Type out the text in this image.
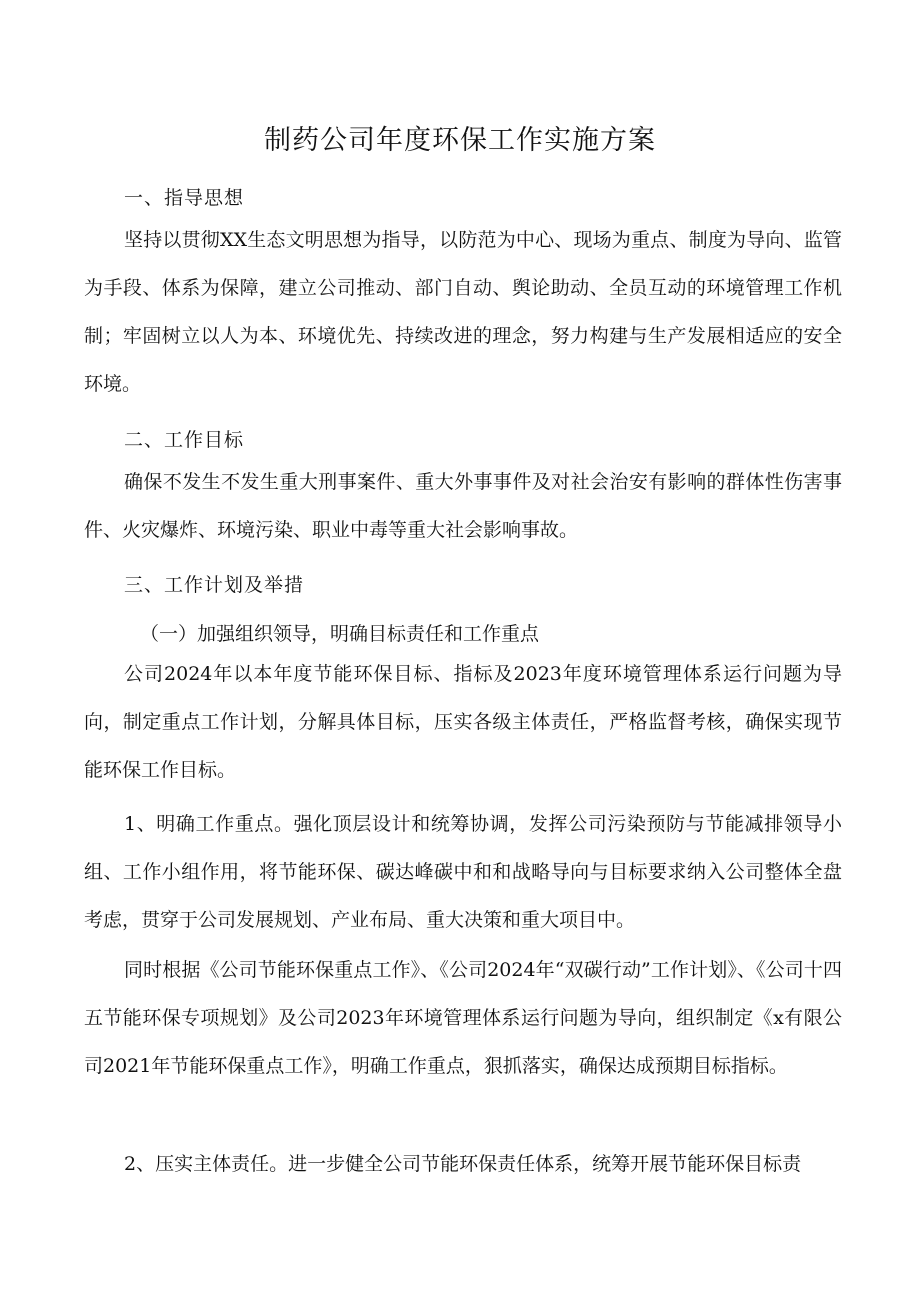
制药公司年度环保工作实施方案
一、指导思想

坚持以贯彻XX生态文明思想为指导，以防范为中心、现场为重点、制度为导向、监管为手段、体系为保障，建立公司推动、部门自动、舆论助动、全员互动的环境管理工作机制；牢固树立以人为本、环境优先、持续改进的理念，努力构建与生产发展相适应的安全环境。

二、工作目标

确保不发生不发生重大刑事案件、重大外事事件及对社会治安有影响的群体性伤害事件、火灾爆炸、环境污染、职业中毒等重大社会影响事故。

三、工作计划及举措
（一）加强组织领导，明确目标责任和工作重点

公司2024年以本年度节能环保目标、指标及2023年度环境管理体系运行问题为导向，制定重点工作计划，分解具体目标，压实各级主体责任，严格监督考核，确保实现节能环保工作目标。

1、明确工作重点。强化顶层设计和统筹协调，发挥公司污染预防与节能减排领导小组、工作小组作用，将节能环保、碳达峰碳中和和战略导向与目标要求纳入公司整体全盘考虑，贯穿于公司发展规划、产业布局、重大决策和重大项目中。

同时根据《公司节能环保重点工作》、《公司2024年“双碳行动”工作计划》、《公司十四五节能环保专项规划》及公司2023年环境管理体系运行问题为导向，组织制定《x有限公司2021年节能环保重点工作》，明确工作重点，狠抓落实，确保达成预期目标指标。

2、压实主体责任。进一步健全公司节能环保责任体系，统筹开展节能环保目标责
